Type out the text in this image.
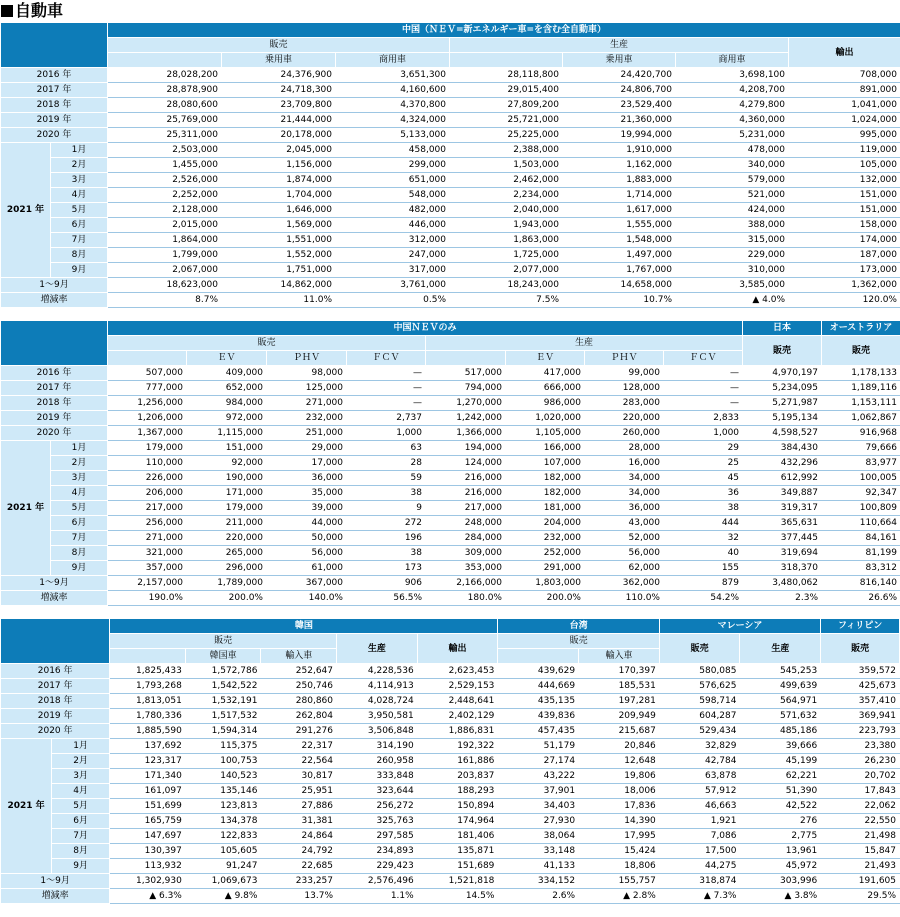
自動車
		中国（ＮＥＶ=新エネルギー車=を含む全自動車）						
		販売			生産			輸出
			乗用車	商用車		乗用車	商用車	
2016 年		28,028,200	24,376,900	3,651,300	28,118,800	24,420,700	3,698,100	708,000
2017 年		28,878,900	24,718,300	4,160,600	29,015,400	24,806,700	4,208,700	891,000
2018 年		28,080,600	23,709,800	4,370,800	27,809,200	23,529,400	4,279,800	1,041,000
2019 年		25,769,000	21,444,000	4,324,000	25,721,000	21,360,000	4,360,000	1,024,000
2020 年		25,311,000	20,178,000	5,133,000	25,225,000	19,994,000	5,231,000	995,000
2021 年	1月	2,503,000	2,045,000	458,000	2,388,000	1,910,000	478,000	119,000
	2月	1,455,000	1,156,000	299,000	1,503,000	1,162,000	340,000	105,000
	3月	2,526,000	1,874,000	651,000	2,462,000	1,883,000	579,000	132,000
	4月	2,252,000	1,704,000	548,000	2,234,000	1,714,000	521,000	151,000
	5月	2,128,000	1,646,000	482,000	2,040,000	1,617,000	424,000	151,000
	6月	2,015,000	1,569,000	446,000	1,943,000	1,555,000	388,000	158,000
	7月	1,864,000	1,551,000	312,000	1,863,000	1,548,000	315,000	174,000
	8月	1,799,000	1,552,000	247,000	1,725,000	1,497,000	229,000	187,000
	9月	2,067,000	1,751,000	317,000	2,077,000	1,767,000	310,000	173,000
1～9月		18,623,000	14,862,000	3,761,000	18,243,000	14,658,000	3,585,000	1,362,000
増減率		8.7%	11.0%	0.5%	7.5%	10.7%	▲ 4.0%	120.0%
		中国ＮＥＶのみ								日本	オーストラリア
		販売				生産				販売	販売
			ＥＶ	ＰＨＶ	ＦＣＶ		ＥＶ	ＰＨＶ	ＦＣＶ		
2016 年		507,000	409,000	98,000	—	517,000	417,000	99,000	—	4,970,197	1,178,133
2017 年		777,000	652,000	125,000	—	794,000	666,000	128,000	—	5,234,095	1,189,116
2018 年		1,256,000	984,000	271,000	—	1,270,000	986,000	283,000	—	5,271,987	1,153,111
2019 年		1,206,000	972,000	232,000	2,737	1,242,000	1,020,000	220,000	2,833	5,195,134	1,062,867
2020 年		1,367,000	1,115,000	251,000	1,000	1,366,000	1,105,000	260,000	1,000	4,598,527	916,968
2021 年	1月	179,000	151,000	29,000	63	194,000	166,000	28,000	29	384,430	79,666
	2月	110,000	92,000	17,000	28	124,000	107,000	16,000	25	432,296	83,977
	3月	226,000	190,000	36,000	59	216,000	182,000	34,000	45	612,992	100,005
	4月	206,000	171,000	35,000	38	216,000	182,000	34,000	36	349,887	92,347
	5月	217,000	179,000	39,000	9	217,000	181,000	36,000	38	319,317	100,809
	6月	256,000	211,000	44,000	272	248,000	204,000	43,000	444	365,631	110,664
	7月	271,000	220,000	50,000	196	284,000	232,000	52,000	32	377,445	84,161
	8月	321,000	265,000	56,000	38	309,000	252,000	56,000	40	319,694	81,199
	9月	357,000	296,000	61,000	173	353,000	291,000	62,000	155	318,370	83,312
1～9月		2,157,000	1,789,000	367,000	906	2,166,000	1,803,000	362,000	879	3,480,062	816,140
増減率		190.0%	200.0%	140.0%	56.5%	180.0%	200.0%	110.0%	54.2%	2.3%	26.6%
		韓国					台湾		マレーシア		フィリピン
		販売			生産	輸出	販売		販売	生産	販売
			韓国車	輸入車				輸入車			
2016 年		1,825,433	1,572,786	252,647	4,228,536	2,623,453	439,629	170,397	580,085	545,253	359,572
2017 年		1,793,268	1,542,522	250,746	4,114,913	2,529,153	444,669	185,531	576,625	499,639	425,673
2018 年		1,813,051	1,532,191	280,860	4,028,724	2,448,641	435,135	197,281	598,714	564,971	357,410
2019 年		1,780,336	1,517,532	262,804	3,950,581	2,402,129	439,836	209,949	604,287	571,632	369,941
2020 年		1,885,590	1,594,314	291,276	3,506,848	1,886,831	457,435	215,687	529,434	485,186	223,793
2021 年	1月	137,692	115,375	22,317	314,190	192,322	51,179	20,846	32,829	39,666	23,380
	2月	123,317	100,753	22,564	260,958	161,886	27,174	12,648	42,784	45,199	26,230
	3月	171,340	140,523	30,817	333,848	203,837	43,222	19,806	63,878	62,221	20,702
	4月	161,097	135,146	25,951	323,644	188,293	37,901	18,006	57,912	51,390	17,843
	5月	151,699	123,813	27,886	256,272	150,894	34,403	17,836	46,663	42,522	22,062
	6月	165,759	134,378	31,381	325,763	174,964	27,930	14,390	1,921	276	22,550
	7月	147,697	122,833	24,864	297,585	181,406	38,064	17,995	7,086	2,775	21,498
	8月	130,397	105,605	24,792	234,893	135,871	33,148	15,424	17,500	13,961	15,847
	9月	113,932	91,247	22,685	229,423	151,689	41,133	18,806	44,275	45,972	21,493
1～9月		1,302,930	1,069,673	233,257	2,576,496	1,521,818	334,152	155,757	318,874	303,996	191,605
増減率		▲ 6.3%	▲ 9.8%	13.7%	1.1%	14.5%	2.6%	▲ 2.8%	▲ 7.3%	▲ 3.8%	29.5%
